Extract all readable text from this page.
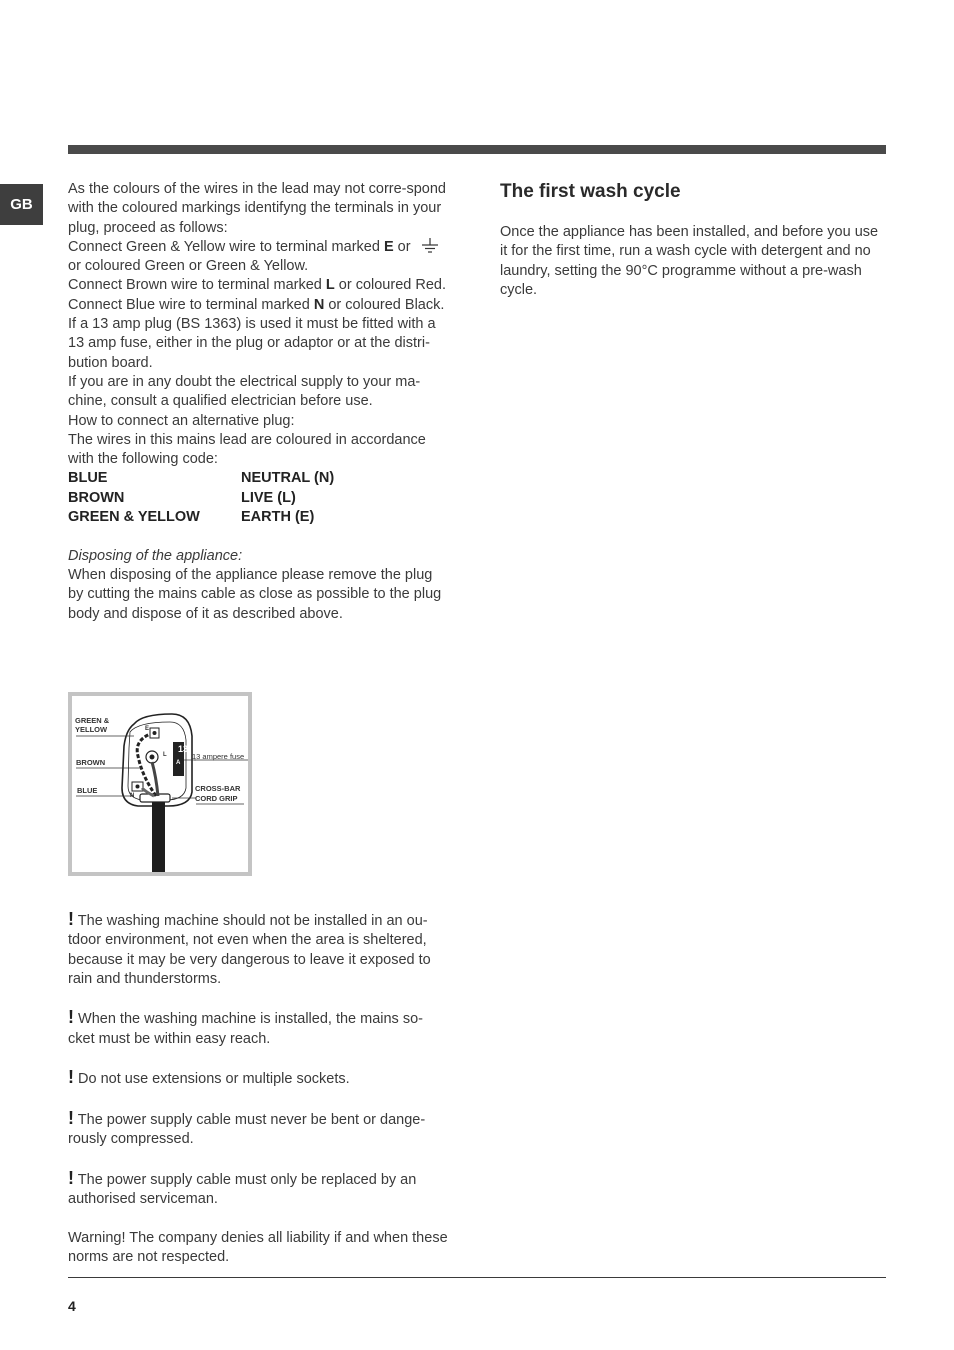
GB

As the colours of the wires in the lead may not corre-spond with the coloured markings identifyng the terminals in your plug, proceed as follows:

Connect Green & Yellow wire to terminal marked E or
or coloured Green or Green & Yellow.

Connect Brown wire to terminal marked L or coloured Red.

Connect Blue wire to terminal marked N or coloured Black.

If a 13 amp plug (BS 1363) is used it must be fitted with a 13 amp fuse, either in the plug or adaptor or at the distri-bution board.

If you are in any doubt the electrical supply to your ma-chine, consult a qualified electrician before use.

How to connect an alternative plug:

The wires in this mains lead are coloured in accordance with the following code:

BLUE	NEUTRAL (N)
BROWN	LIVE (L)
GREEN & YELLOW	EARTH (E)

Disposing of the appliance:

When disposing of the appliance please remove the plug by cutting the mains cable as close as possible to the plug body and dispose of it as described above.

13
A
E
L
N
GREEN &
YELLOW
BROWN
BLUE
13 ampere fuse
CROSS-BAR
CORD GRIP

! The washing machine should not be installed in an ou-tdoor environment, not even when the area is sheltered, because it may be very dangerous to leave it exposed to rain and thunderstorms.

! When the washing machine is installed, the mains so-cket must be within easy reach.

! Do not use extensions or multiple sockets.

! The power supply cable must never be bent or dange-rously compressed.

! The power supply cable must only be replaced by an authorised serviceman.

Warning! The company denies all liability if and when these norms are not respected.

The first wash cycle

Once the appliance has been installed, and before you use it for the first time, run a wash cycle with detergent and no laundry, setting the 90°C programme without a pre-wash cycle.

4
